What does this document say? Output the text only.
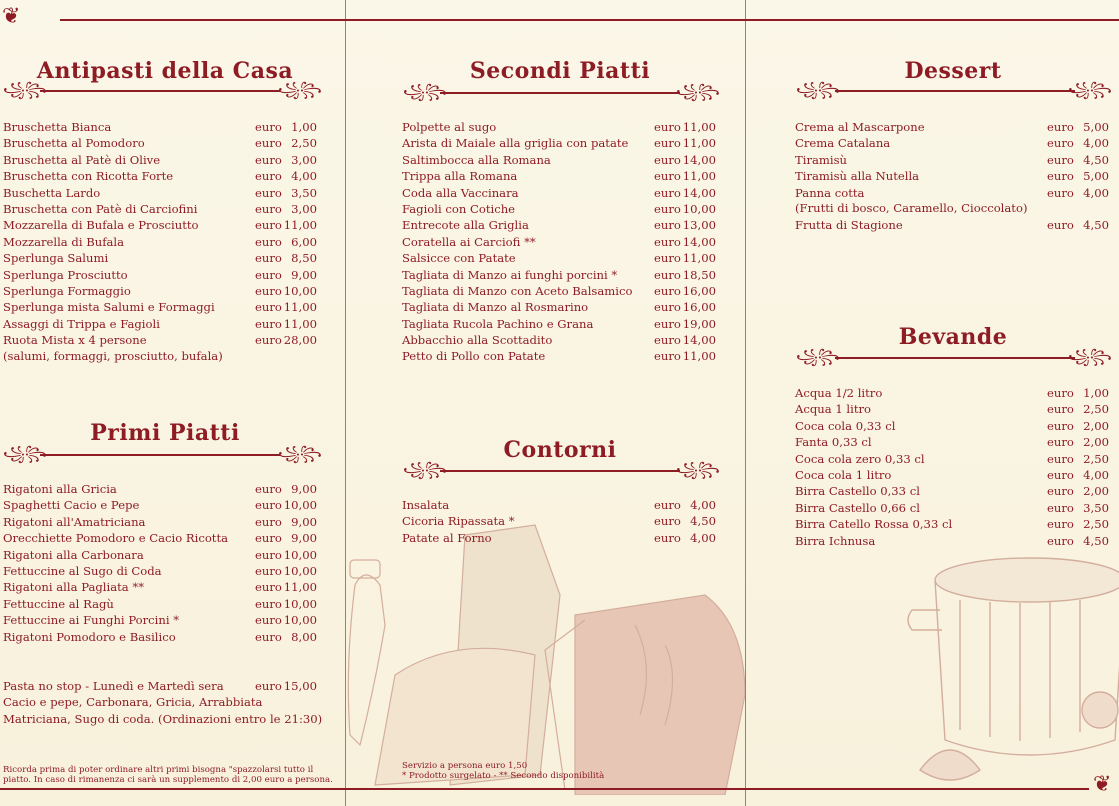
❦
❦
Antipasti della Casa
꧁꧂	꧁꧂
Bruschetta Bianca	euro 1,00
Bruschetta al Pomodoro	euro 2,50
Bruschetta al Patè di Olive	euro 3,00
Bruschetta con Ricotta Forte	euro 4,00
Buschetta Lardo	euro 3,50
Bruschetta con Patè di Carciofini	euro 3,00
Mozzarella di Bufala e Prosciutto	euro 11,00
Mozzarella di Bufala	euro 6,00
Sperlunga Salumi	euro 8,50
Sperlunga Prosciutto	euro 9,00
Sperlunga Formaggio	euro 10,00
Sperlunga mista Salumi e Formaggi	euro 11,00
Assaggi di Trippa e Fagioli	euro 11,00
Ruota Mista x 4 persone	euro 28,00
(salumi, formaggi, prosciutto, bufala)
Primi Piatti
꧁꧂	꧁꧂
Rigatoni alla Gricia	euro 9,00
Spaghetti Cacio e Pepe	euro 10,00
Rigatoni all'Amatriciana	euro 9,00
Orecchiette Pomodoro e Cacio Ricotta euro 9,00
Rigatoni alla Carbonara	euro 10,00
Fettuccine al Sugo di Coda	euro 10,00
Rigatoni alla Pagliata **	euro 11,00
Fettuccine al Ragù	euro 10,00
Fettuccine ai Funghi Porcini *	euro 10,00
Rigatoni Pomodoro e Basilico	euro 8,00
Pasta no stop - Lunedì e Martedì sera	euro 15,00
Cacio e pepe, Carbonara, Gricia, Arrabbiata
Matriciana, Sugo di coda. (Ordinazioni entro le 21:30)
Ricorda prima di poter ordinare altri primi bisogna "spazzolarsi tutto il
piatto. In caso di rimanenza ci sarà un supplemento di 2,00 euro a persona.
Secondi Piatti
꧁꧂	꧁꧂
Polpette al sugo	euro 11,00
Arista di Maiale alla griglia con patate euro 11,00
Saltimbocca alla Romana	euro 14,00
Trippa alla Romana	euro 11,00
Coda alla Vaccinara	euro 14,00
Fagioli con Cotiche	euro 10,00
Entrecote alla Griglia	euro 13,00
Coratella ai Carciofi **	euro 14,00
Salsicce con Patate	euro 11,00
Tagliata di Manzo ai funghi porcini *	euro 18,50
Tagliata di Manzo con Aceto Balsamico euro 16,00
Tagliata di Manzo al Rosmarino	euro 16,00
Tagliata Rucola Pachino e Grana	euro 19,00
Abbacchio alla Scottadito	euro 14,00
Petto di Pollo con Patate	euro 11,00
Contorni
꧁꧂	꧁꧂
Insalata	euro 4,00
Cicoria Ripassata *	euro 4,50
Patate al Forno	euro 4,00
Servizio a persona euro 1,50
* Prodotto surgelato - ** Secondo disponibilità
Dessert
꧁꧂	꧁꧂
Crema al Mascarpone	euro 5,00
Crema Catalana	euro 4,00
Tiramisù	euro 4,50
Tiramisù alla Nutella	euro 5,00
Panna cotta	euro 4,00
(Frutti di bosco, Caramello, Cioccolato)
Frutta di Stagione	euro 4,50
Bevande
꧁꧂	꧁꧂
Acqua 1/2 litro	euro 1,00
Acqua 1 litro	euro 2,50
Coca cola 0,33 cl	euro 2,00
Fanta 0,33 cl	euro 2,00
Coca cola zero 0,33 cl	euro 2,50
Coca cola 1 litro	euro 4,00
Birra Castello 0,33 cl	euro 2,00
Birra Castello 0,66 cl	euro 3,50
Birra Catello Rossa 0,33 cl	euro 2,50
Birra Ichnusa	euro 4,50
